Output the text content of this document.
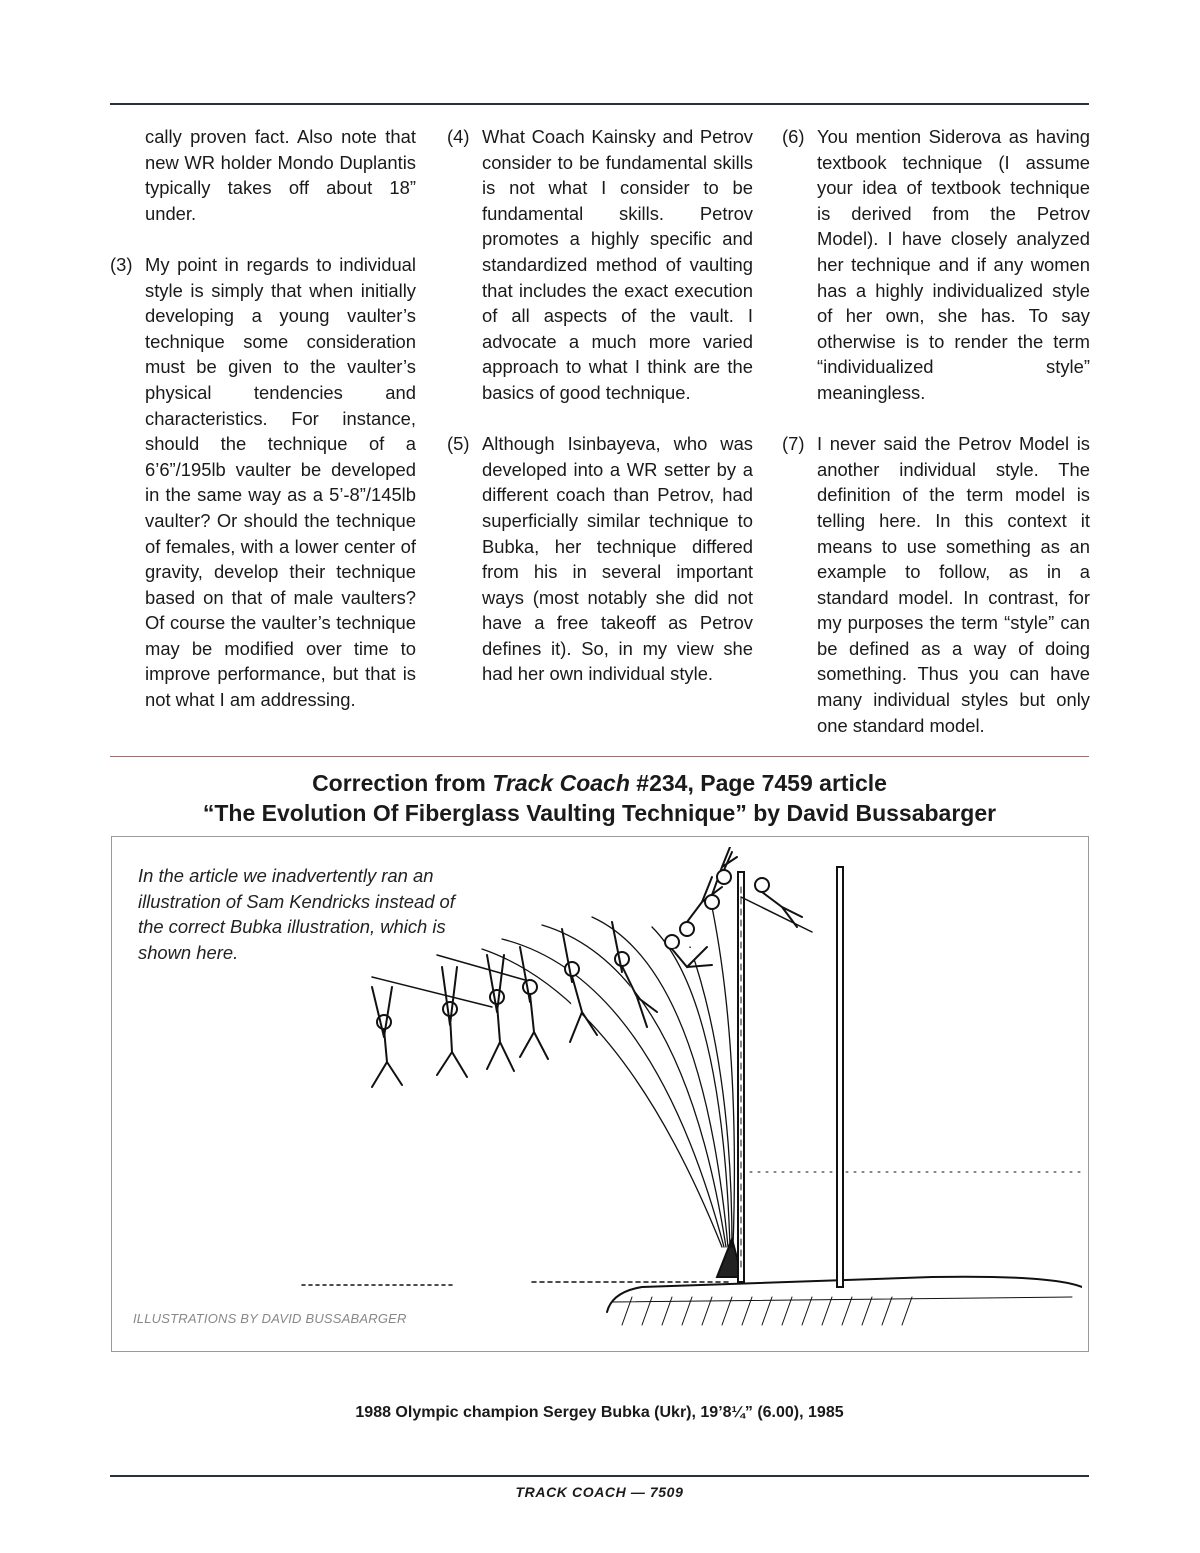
cally proven fact. Also note that new WR holder Mondo Duplantis typically takes off about 18” under.
(3) My point in regards to individual style is simply that when initially developing a young vaulter’s technique some consideration must be given to the vaulter’s physical tendencies and characteristics. For instance, should the technique of a 6’6”/195lb vaulter be developed in the same way as a 5’-8”/145lb vaulter? Or should the technique of females, with a lower center of gravity, develop their technique based on that of male vaulters? Of course the vaulter’s technique may be modified over time to improve performance, but that is not what I am addressing.
(4) What Coach Kainsky and Petrov consider to be fundamental skills is not what I consider to be fundamental skills. Petrov promotes a highly specific and standardized method of vaulting that includes the exact execution of all aspects of the vault. I advocate a much more varied approach to what I think are the basics of good technique.
(5) Although Isinbayeva, who was developed into a WR setter by a different coach than Petrov, had superficially similar technique to Bubka, her technique differed from his in several important ways (most notably she did not have a free takeoff as Petrov defines it). So, in my view she had her own individual style.
(6) You mention Siderova as having textbook technique (I assume your idea of textbook technique is derived from the Petrov Model). I have closely analyzed her technique and if any women has a highly individualized style of her own, she has. To say otherwise is to render the term “individualized style” meaningless.
(7) I never said the Petrov Model is another individual style. The definition of the term model is telling here. In this context it means to use something as an example to follow, as in a standard model. In contrast, for my purposes the term “style” can be defined as a way of doing something. Thus you can have many individual styles but only one standard model.
Correction from Track Coach #234, Page 7459 article
“The Evolution Of Fiberglass Vaulting Technique” by David Bussabarger
In the article we inadvertently ran an illustration of Sam Kendricks instead of the correct Bubka illustration, which is shown here.
ILLUSTRATIONS BY DAVID BUSSABARGER
1988 Olympic champion Sergey Bubka (Ukr), 19’8¼” (6.00), 1985
TRACK COACH — 7509
